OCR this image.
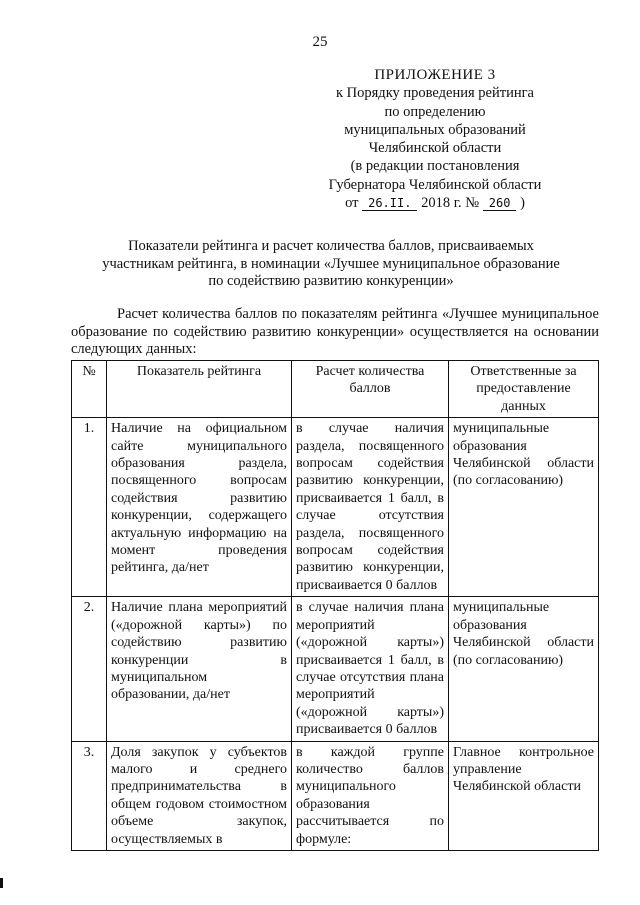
25
ПРИЛОЖЕНИЕ 3
к Порядку проведения рейтинга
по определению
муниципальных образований
Челябинской области
(в редакции постановления
Губернатора Челябинской области
от 26.II. 2018 г. № 260 )
Показатели рейтинга и расчет количества баллов, присваиваемых участникам рейтинга, в номинации «Лучшее муниципальное образование по содействию развитию конкуренции»

Расчет количества баллов по показателям рейтинга «Лучшее муниципальное образование по содействию развитию конкуренции» осуществляется на основании следующих данных:

№	Показатель рейтинга	Расчет количества баллов	Ответственные за предоставление данных
1.	Наличие на официальном сайте муниципального образования раздела, посвященного вопросам содействия развитию конкуренции, содержащего актуальную информацию на момент проведения рейтинга, да/нет	в случае наличия раздела, посвященного вопросам содействия развитию конкуренции, присваивается 1 балл, в случае отсутствия раздела, посвященного вопросам содействия развитию конкуренции, присваивается 0 баллов	муниципальные образования Челябинской области (по согласованию)
2.	Наличие плана мероприятий («дорожной карты») по содействию развитию конкуренции в муниципальном образовании, да/нет	в случае наличия плана мероприятий («дорожной карты») присваивается 1 балл, в случае отсутствия плана мероприятий («дорожной карты») присваивается 0 баллов	муниципальные образования Челябинской области (по согласованию)
3.	Доля закупок у субъектов малого и среднего предпринимательства в общем годовом стоимостном объеме закупок, осуществляемых в	в каждой группе количество баллов муниципального образования рассчитывается по формуле:	Главное контрольное управление Челябинской области
